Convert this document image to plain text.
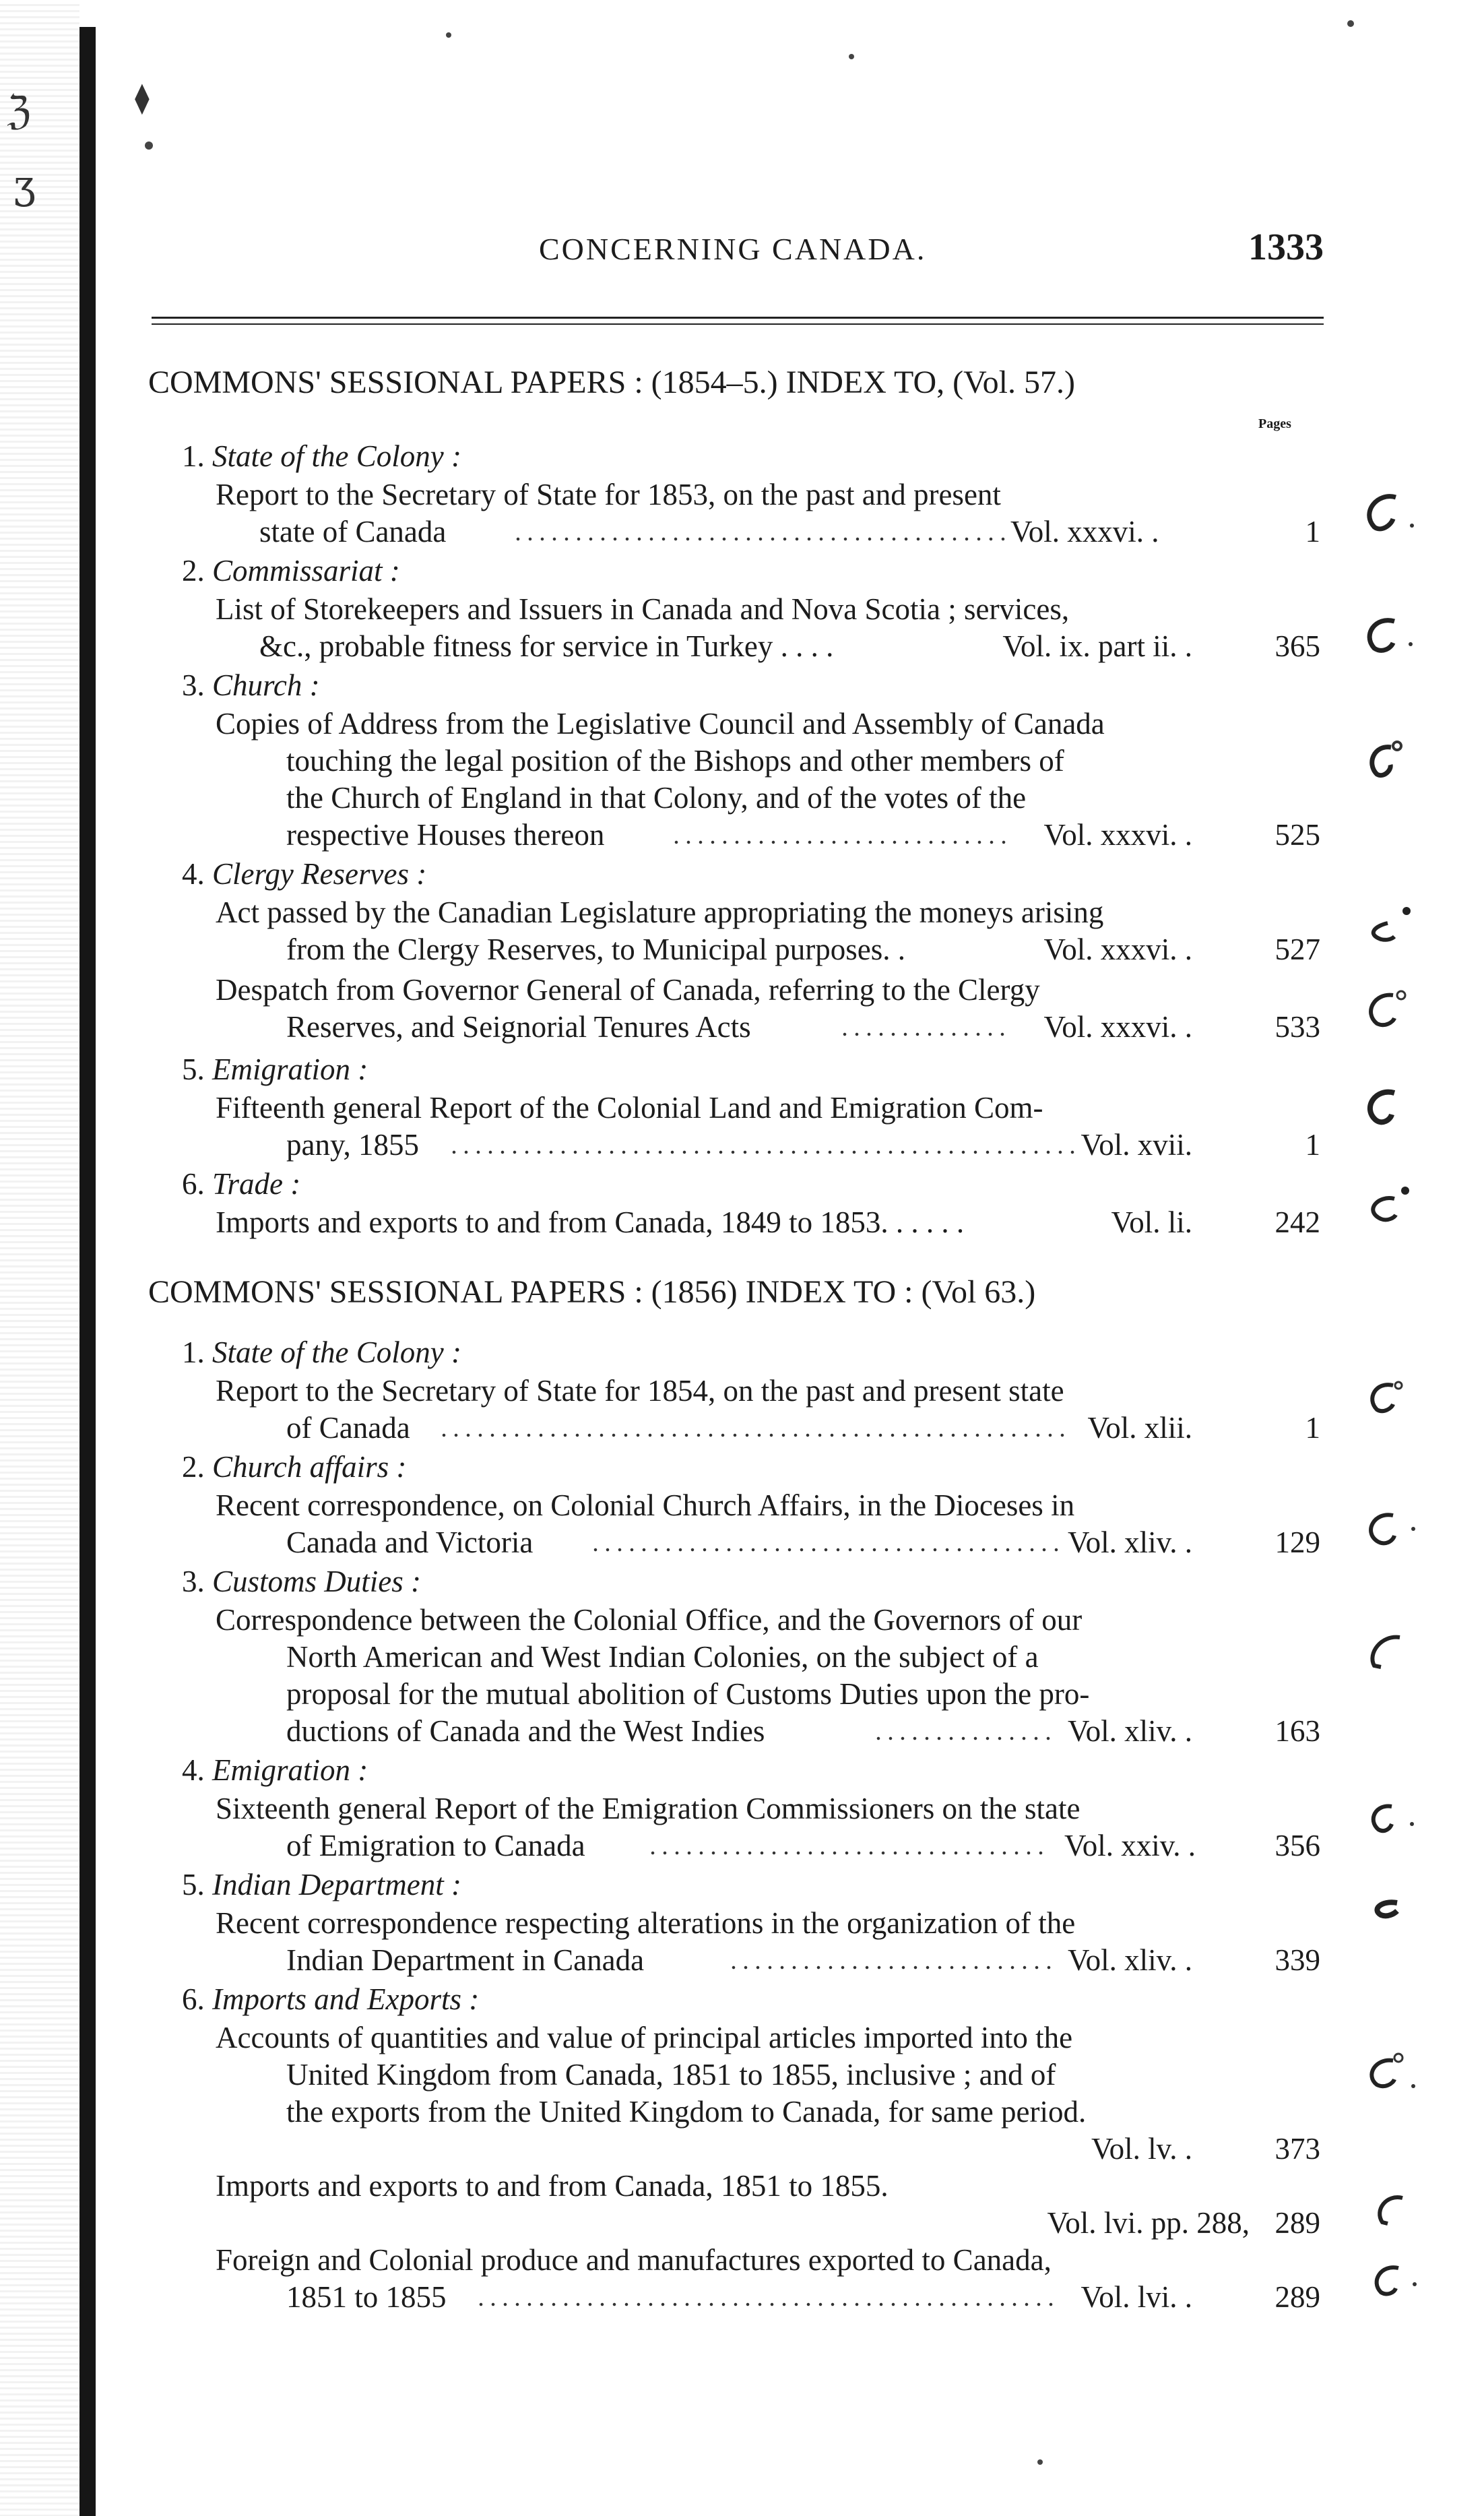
ℨ
ʒ
⧫
CONCERNING CANADA.	1333
COMMONS' SESSIONAL PAPERS : (1854–5.) INDEX TO, (Vol. 57.)
Pages
1. State of the Colony :
Report to the Secretary of State for 1853, on the past and present
state of Canada	Vol. xxxvi. .	1
2. Commissariat :
List of Storekeepers and Issuers in Canada and Nova Scotia ; services,
&c., probable fitness for service in Turkey . . . .	Vol. ix. part ii. .	365
3. Church :
Copies of Address from the Legislative Council and Assembly of Canada
touching the legal position of the Bishops and other members of
the Church of England in that Colony, and of the votes of the
respective Houses thereon	Vol. xxxvi. .	525
4. Clergy Reserves :
Act passed by the Canadian Legislature appropriating the moneys arising
from the Clergy Reserves, to Municipal purposes. .	Vol. xxxvi. .	527
Despatch from Governor General of Canada, referring to the Clergy
Reserves, and Seignorial Tenures Acts	Vol. xxxvi. .	533
5. Emigration :
Fifteenth general Report of the Colonial Land and Emigration Com-
pany, 1855	Vol. xvii.	1
6. Trade :
Imports and exports to and from Canada, 1849 to 1853. . . . . .	Vol. li.	242
COMMONS' SESSIONAL PAPERS : (1856) INDEX TO : (Vol 63.)
1. State of the Colony :
Report to the Secretary of State for 1854, on the past and present state
of Canada	Vol. xlii.	1
2. Church affairs :
Recent correspondence, on Colonial Church Affairs, in the Dioceses in
Canada and Victoria	Vol. xliv. .	129
3. Customs Duties :
Correspondence between the Colonial Office, and the Governors of our
North American and West Indian Colonies, on the subject of a
proposal for the mutual abolition of Customs Duties upon the pro-
ductions of Canada and the West Indies	Vol. xliv. .	163
4. Emigration :
Sixteenth general Report of the Emigration Commissioners on the state
of Emigration to Canada	Vol. xxiv. .	356
5. Indian Department :
Recent correspondence respecting alterations in the organization of the
Indian Department in Canada	Vol. xliv. .	339
6. Imports and Exports :
Accounts of quantities and value of principal articles imported into the
United Kingdom from Canada, 1851 to 1855, inclusive ; and of
the exports from the United Kingdom to Canada, for same period.
Vol. lv. .	373
Imports and exports to and from Canada, 1851 to 1855.
Vol. lvi. pp. 288, 289
Foreign and Colonial produce and manufactures exported to Canada,
1851 to 1855	Vol. lvi. .	289
